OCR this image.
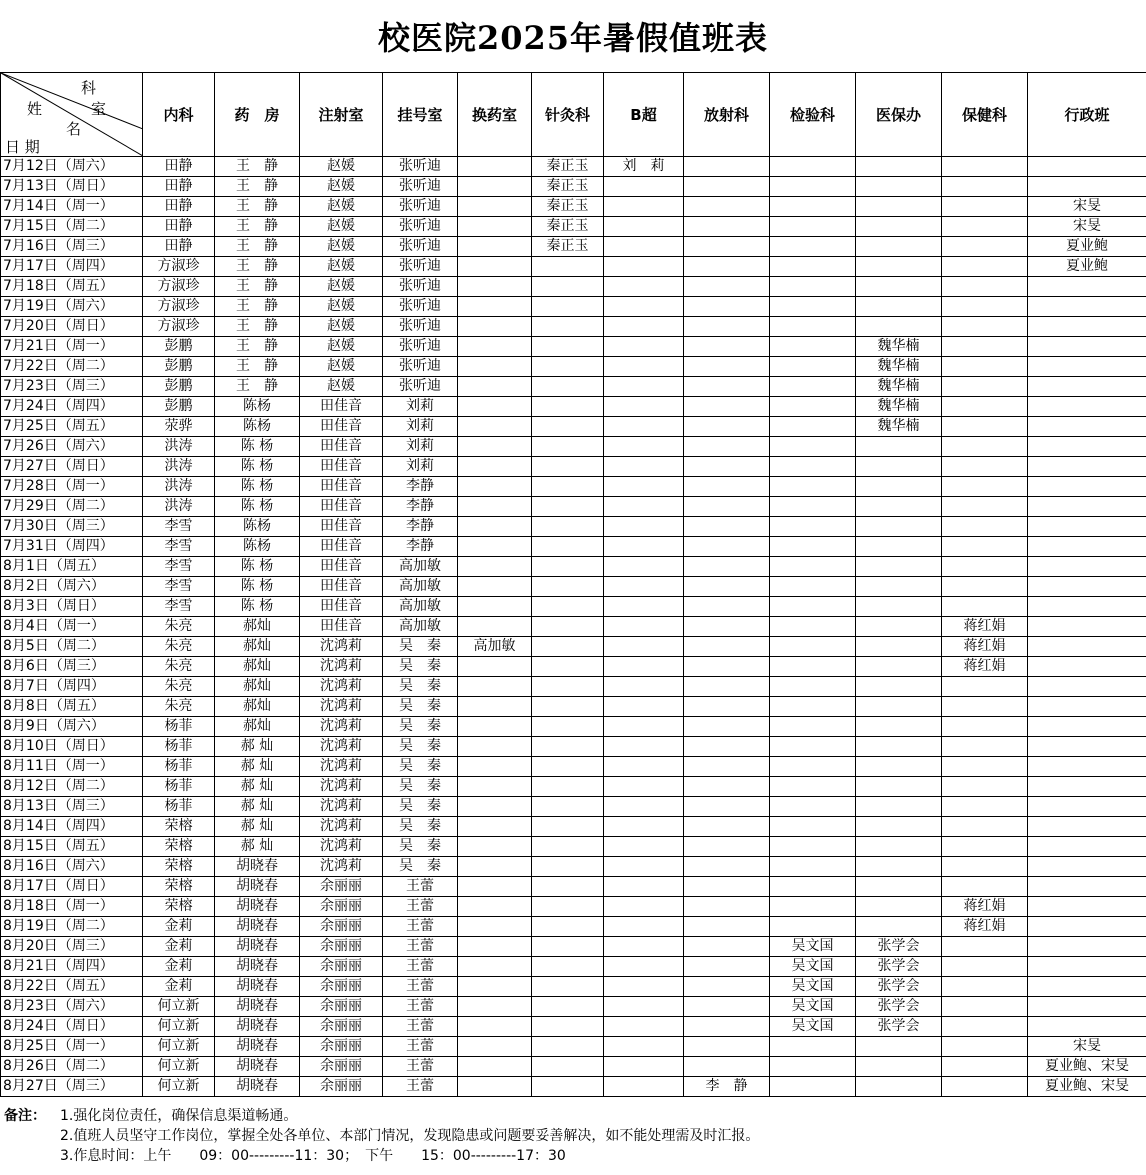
校医院2025年暑假值班表
科
室
姓
名
日 期	内科	药　房	注射室	挂号室	换药室	针灸科	B超	放射科	检验科	医保办	保健科	行政班
7月12日（周六）	田静	王　静	赵媛	张听迪		秦正玉	刘　莉					
7月13日（周日）	田静	王　静	赵媛	张听迪		秦正玉						
7月14日（周一）	田静	王　静	赵媛	张听迪		秦正玉						宋旻
7月15日（周二）	田静	王　静	赵媛	张听迪		秦正玉						宋旻
7月16日（周三）	田静	王　静	赵媛	张听迪		秦正玉						夏业鲍
7月17日（周四）	方淑珍	王　静	赵媛	张听迪								夏业鲍
7月18日（周五）	方淑珍	王　静	赵媛	张听迪								
7月19日（周六）	方淑珍	王　静	赵媛	张听迪								
7月20日（周日）	方淑珍	王　静	赵媛	张听迪								
7月21日（周一）	彭鹏	王　静	赵媛	张听迪						魏华楠		
7月22日（周二）	彭鹏	王　静	赵媛	张听迪						魏华楠		
7月23日（周三）	彭鹏	王　静	赵媛	张听迪						魏华楠		
7月24日（周四）	彭鹏	陈杨	田佳音	刘莉						魏华楠		
7月25日（周五）	荥骅	陈杨	田佳音	刘莉						魏华楠		
7月26日（周六）	洪涛	陈 杨	田佳音	刘莉								
7月27日（周日）	洪涛	陈 杨	田佳音	刘莉								
7月28日（周一）	洪涛	陈 杨	田佳音	李静								
7月29日（周二）	洪涛	陈 杨	田佳音	李静								
7月30日（周三）	李雪	陈杨	田佳音	李静								
7月31日（周四）	李雪	陈杨	田佳音	李静								
8月1日（周五）	李雪	陈 杨	田佳音	高加敏								
8月2日（周六）	李雪	陈 杨	田佳音	高加敏								
8月3日（周日）	李雪	陈 杨	田佳音	高加敏								
8月4日（周一）	朱亮	郝灿	田佳音	高加敏							蒋红娟	
8月5日（周二）	朱亮	郝灿	沈鸿莉	吴　秦	高加敏						蒋红娟	
8月6日（周三）	朱亮	郝灿	沈鸿莉	吴　秦							蒋红娟	
8月7日（周四）	朱亮	郝灿	沈鸿莉	吴　秦								
8月8日（周五）	朱亮	郝灿	沈鸿莉	吴　秦								
8月9日（周六）	杨菲	郝灿	沈鸿莉	吴　秦								
8月10日（周日）	杨菲	郝 灿	沈鸿莉	吴　秦								
8月11日（周一）	杨菲	郝 灿	沈鸿莉	吴　秦								
8月12日（周二）	杨菲	郝 灿	沈鸿莉	吴　秦								
8月13日（周三）	杨菲	郝 灿	沈鸿莉	吴　秦								
8月14日（周四）	荣榕	郝 灿	沈鸿莉	吴　秦								
8月15日（周五）	荣榕	郝 灿	沈鸿莉	吴　秦								
8月16日（周六）	荣榕	胡晓春	沈鸿莉	吴　秦								
8月17日（周日）	荣榕	胡晓春	余丽丽	王蕾								
8月18日（周一）	荣榕	胡晓春	余丽丽	王蕾							蒋红娟	
8月19日（周二）	金莉	胡晓春	余丽丽	王蕾							蒋红娟	
8月20日（周三）	金莉	胡晓春	余丽丽	王蕾					吴文国	张学会		
8月21日（周四）	金莉	胡晓春	余丽丽	王蕾					吴文国	张学会		
8月22日（周五）	金莉	胡晓春	余丽丽	王蕾					吴文国	张学会		
8月23日（周六）	何立新	胡晓春	余丽丽	王蕾					吴文国	张学会		
8月24日（周日）	何立新	胡晓春	余丽丽	王蕾					吴文国	张学会		
8月25日（周一）	何立新	胡晓春	余丽丽	王蕾								宋旻
8月26日（周二）	何立新	胡晓春	余丽丽	王蕾								夏业鲍、宋旻
8月27日（周三）	何立新	胡晓春	余丽丽	王蕾				李　静				夏业鲍、宋旻
备注： 1.强化岗位责任，确保信息渠道畅通。
2.值班人员坚守工作岗位，掌握全处各单位、本部门情况，发现隐患或问题要妥善解决，如不能处理需及时汇报。
3.作息时间：上午　　09：00---------11：30；　下午　　15：00---------17：30
